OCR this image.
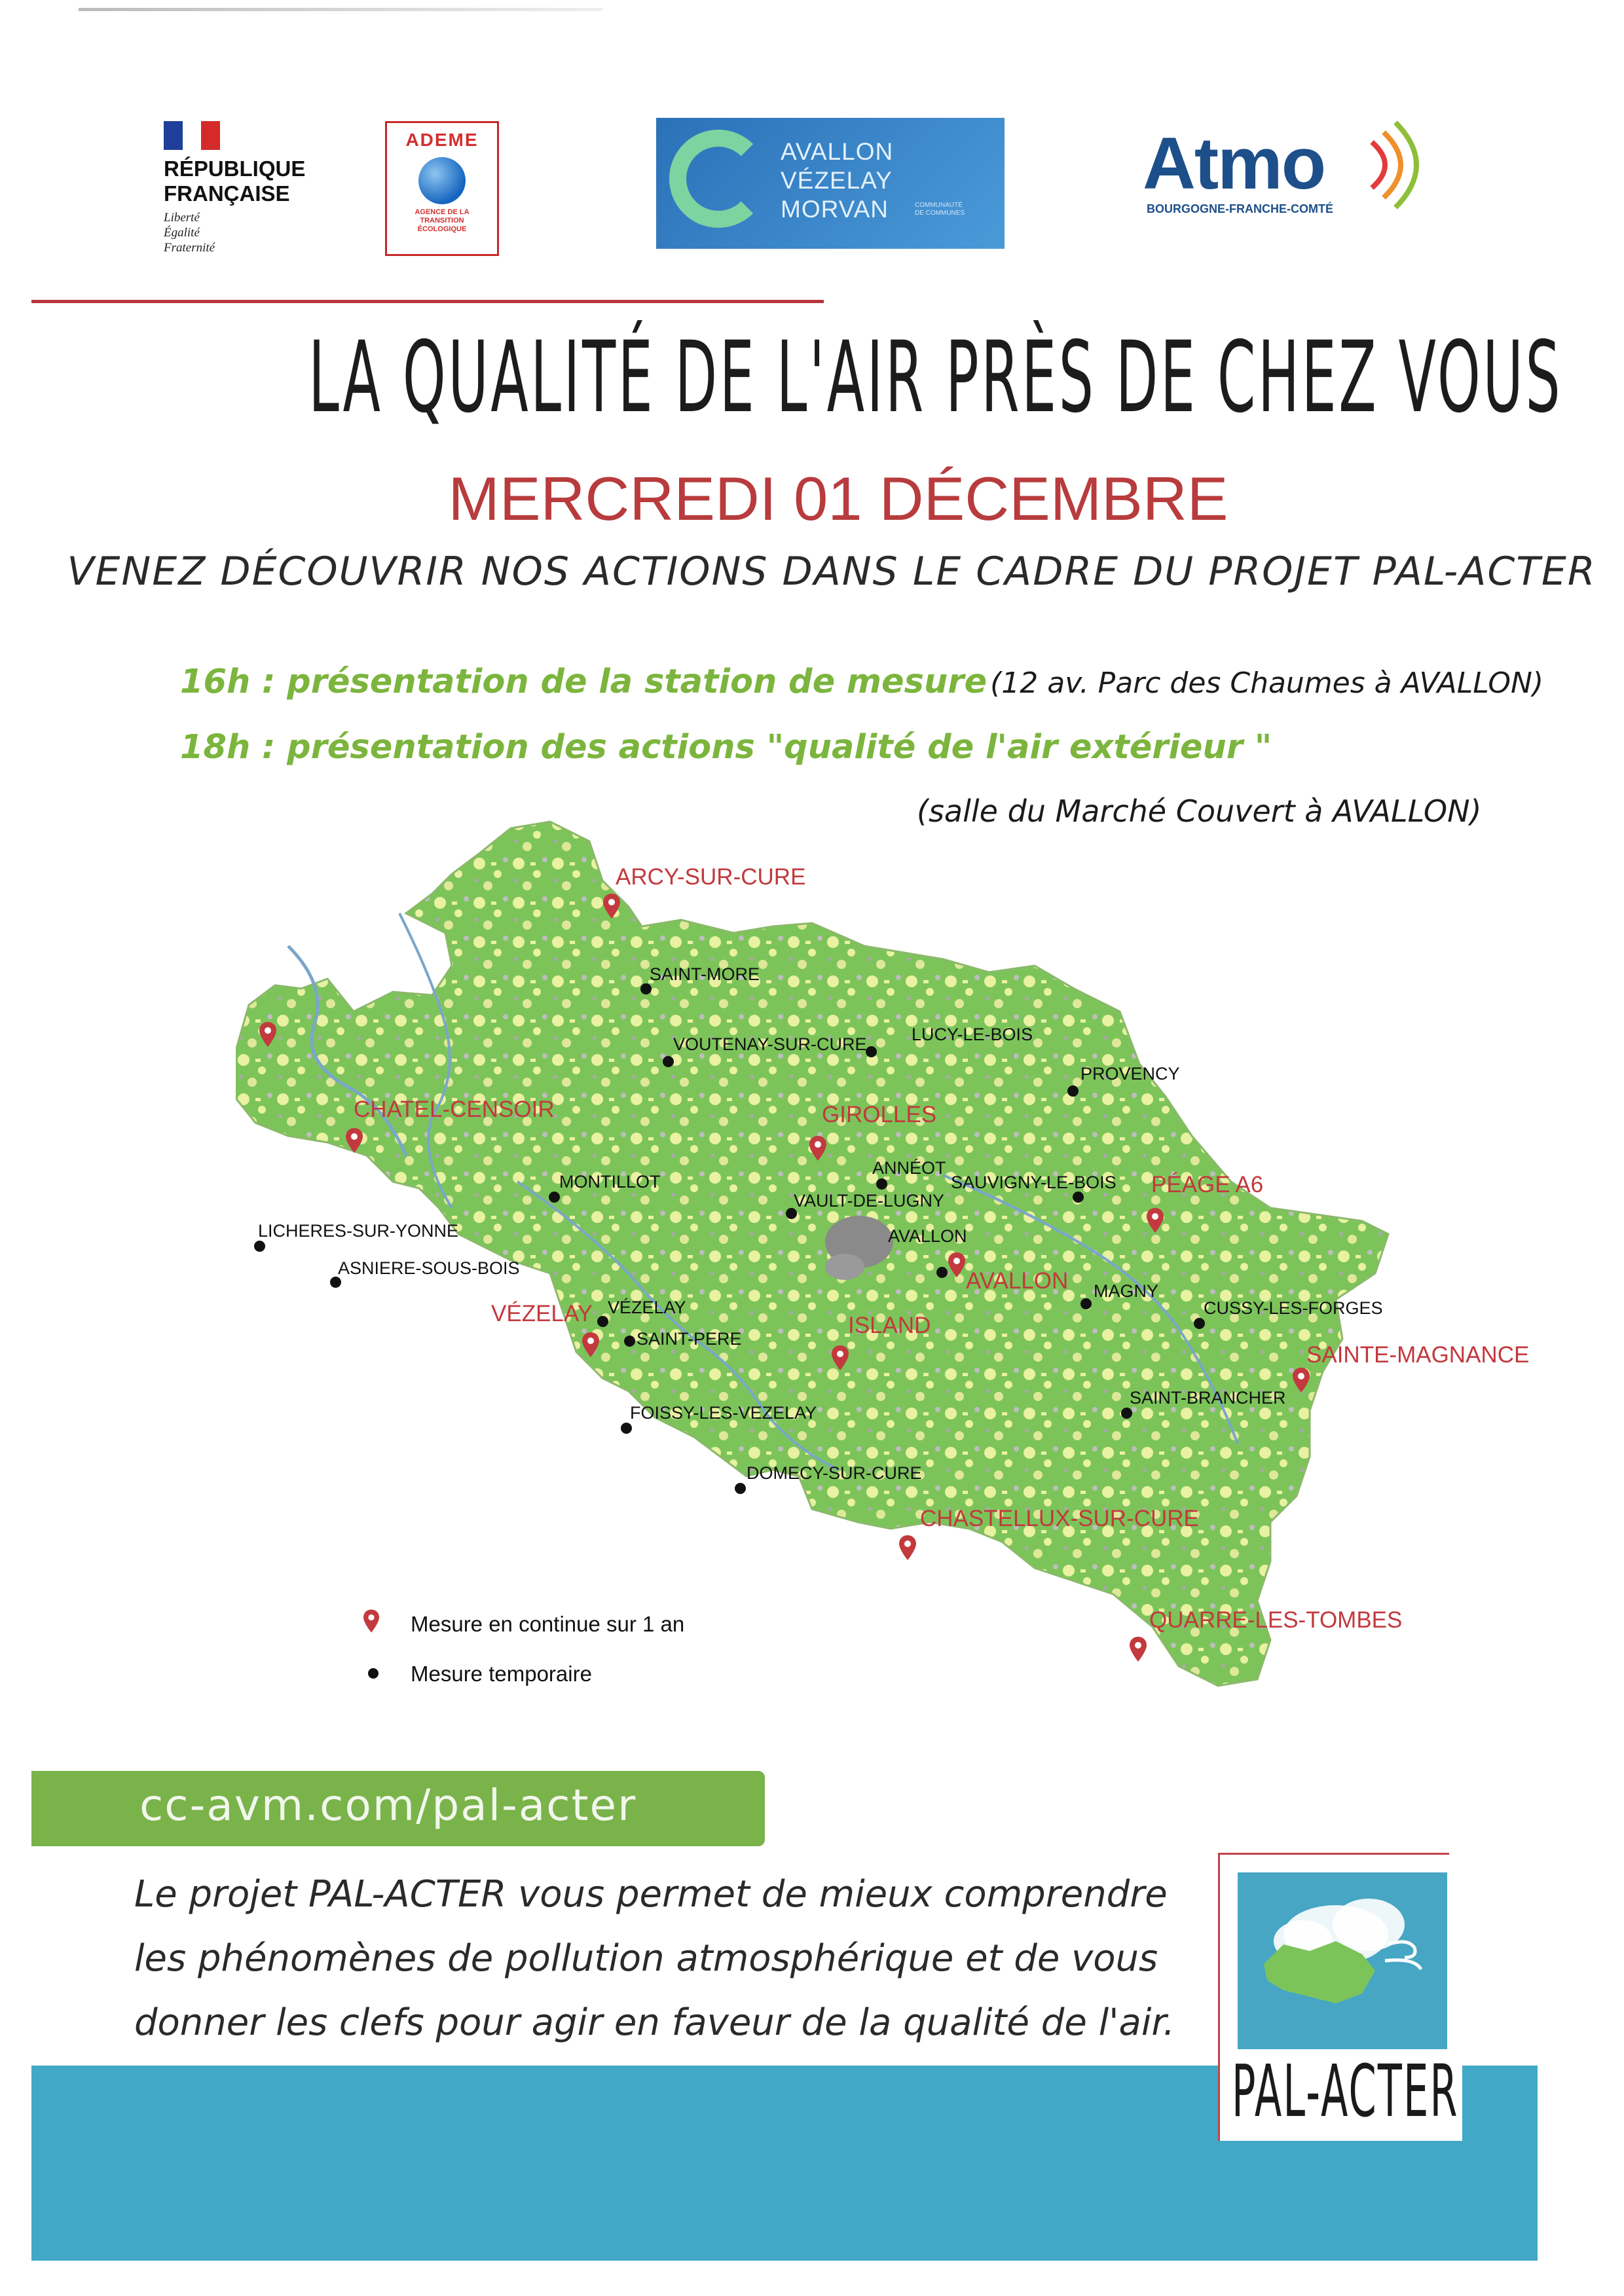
RÉPUBLIQUE
FRANÇAISE
Liberté
Égalité
Fraternité
ADEME
AGENCE DE LA
TRANSITION
ÉCOLOGIQUE
AVALLON
VÉZELAY
MORVAN	COMMUNAUTÉ
DE COMMUNES
Atmo
BOURGOGNE-FRANCHE-COMTÉ
LA QUALITÉ DE L'AIR PRÈS DE CHEZ VOUS
MERCREDI 01 DÉCEMBRE
VENEZ DÉCOUVRIR NOS ACTIONS DANS LE CADRE DU PROJET PAL-ACTER
16h : présentation de la station de mesure (12 av. Parc des Chaumes à AVALLON)
18h : présentation des actions "qualité de l'air extérieur "
(salle du Marché Couvert à AVALLON)
ARCY-SUR-CURE
CHATEL-CENSOIR	GIROLLES
PÉAGE A6
AVALLON
VÉZELAY	ISLAND
SAINTE-MAGNANCE
CHASTELLUX-SUR-CURE
QUARRE-LES-TOMBES
SAINT-MORE
VOUTENAY-SUR-CURE	LUCY-LE-BOIS
PROVENCY
MONTILLOT
ANNÉOT
SAUVIGNY-LE-BOIS
VAULT-DE-LUGNY
AVALLON
LICHERES-SUR-YONNE
ASNIERE-SOUS-BOIS
VÉZELAY
SAINT-PERE
MAGNY
CUSSY-LES-FORGES
SAINT-BRANCHER
FOISSY-LES-VEZELAY
DOMECY-SUR-CURE
Mesure en continue sur 1 an
Mesure temporaire
cc-avm.com/pal-acter
Le projet PAL-ACTER vous permet de mieux comprendre
les phénomènes de pollution atmosphérique et de vous
donner les clefs pour agir en faveur de la qualité de l'air.
PAL-ACTER
